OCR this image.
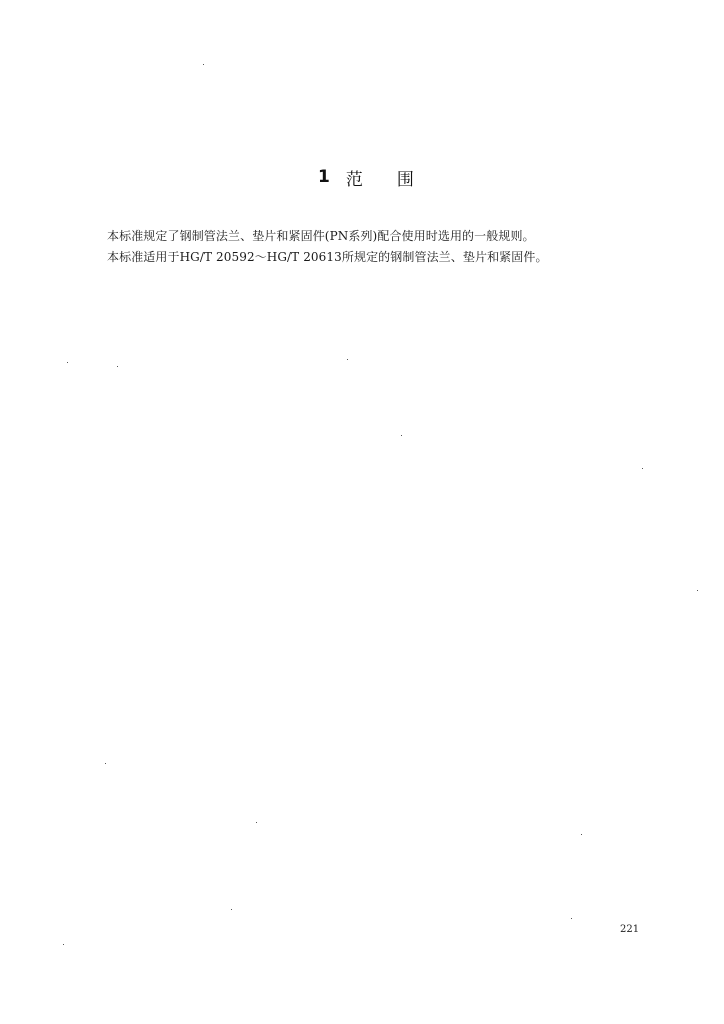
1 范 围

本标准规定了钢制管法兰、垫片和紧固件(PN系列)配合使用时选用的一般规则。

本标准适用于HG/T 20592～HG/T 20613所规定的钢制管法兰、垫片和紧固件。

221
